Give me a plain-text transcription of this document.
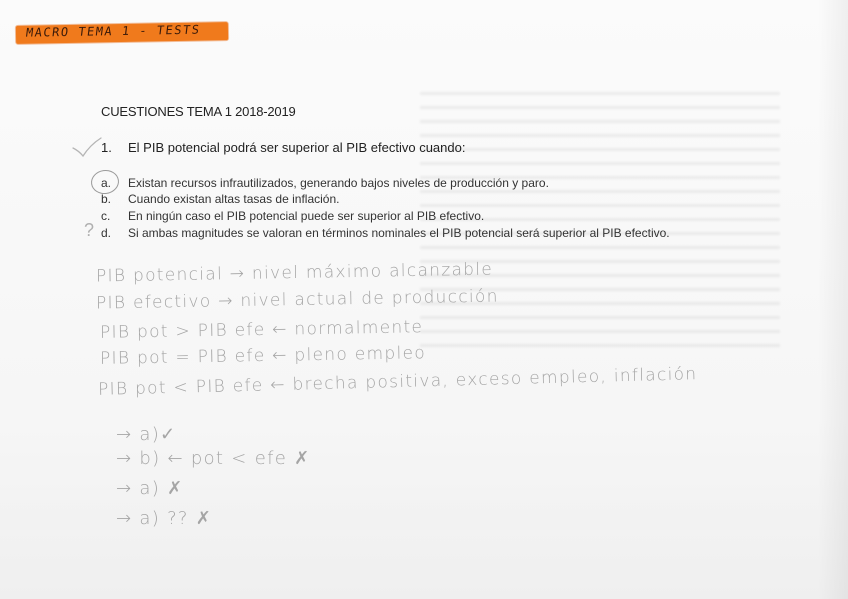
MACRO TEMA 1 - TESTS
CUESTIONES TEMA 1 2018-2019
1. El PIB potencial podrá ser superior al PIB efectivo cuando:
a. Existan recursos infrautilizados, generando bajos niveles de producción y paro.
b. Cuando existan altas tasas de inflación.
c. En ningún caso el PIB potencial puede ser superior al PIB efectivo.
d. Si ambas magnitudes se valoran en términos nominales el PIB potencial será superior al PIB efectivo.
?
PIB potencial → nivel máximo alcanzable
PIB efectivo → nivel actual de producción
PIB pot > PIB efe ← normalmente
PIB pot = PIB efe ← pleno empleo
PIB pot < PIB efe ← brecha positiva, exceso empleo, inflación
→ a)✓
→ b) ← pot < efe ✗
→ a) ✗
→ a) ?? ✗
